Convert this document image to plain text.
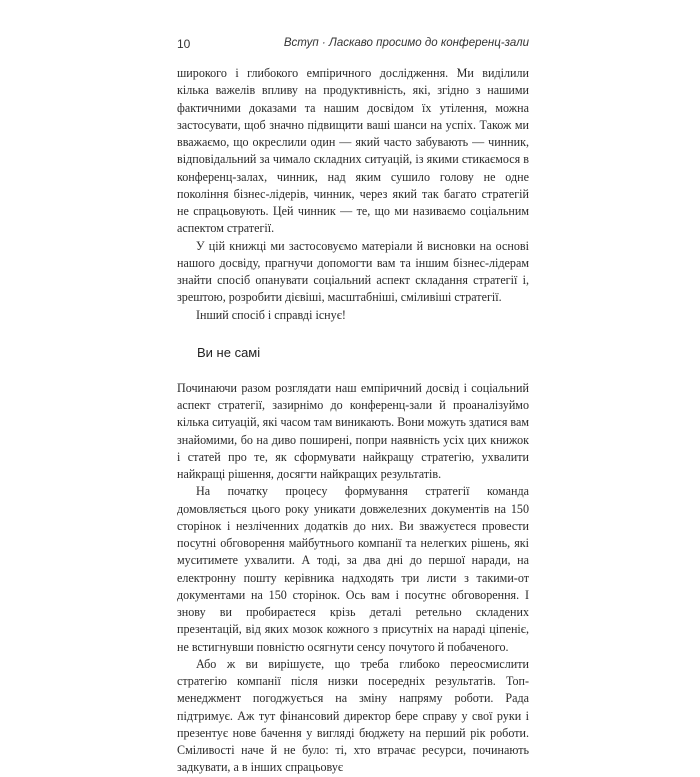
10	Вступ · Ласкаво просимо до конференц-зали

широкого і глибокого емпіричного дослідження. Ми виділили кілька важелів впливу на продуктивність, які, згідно з нашими фактичними доказами та нашим досвідом їх утілення, можна застосувати, щоб значно підвищити ваші шанси на успіх. Також ми вважаємо, що окреслили один — який часто забувають — чинник, відповідальний за чимало складних ситуацій, із якими стикаємося в конференц-залах, чинник, над яким сушило голову не одне покоління бізнес-лідерів, чинник, через який так багато стратегій не спрацьовують. Цей чинник — те, що ми називаємо соціальним аспектом стратегії.

У цій книжці ми застосовуємо матеріали й висновки на основі нашого досвіду, прагнучи допомогти вам та іншим бізнес-лідерам знайти спосіб опанувати соціальний аспект складання стратегії і, зрештою, розробити дієвіші, масштабніші, сміливіші стратегії.

Інший спосіб і справді існує!

Ви не самі

Починаючи разом розглядати наш емпіричний досвід і соціальний аспект стратегії, зазирнімо до конференц-зали й проаналізуймо кількa ситуацій, які часом там виникають. Вони можуть здатися вам знайомими, бо на диво поширені, попри наявність усіх цих книжок і статей про те, як сформувати найкращу стратегію, ухвалити найкращі рішення, досягти найкращих результатів.

На початку процесу формування стратегії команда домовляється цього року уникати довжелезних документів на 150 сторінок і незліченних додатків до них. Ви зважуєтеся провести посутні обговорення майбутнього компанії та нелегких рішень, які муситимете ухвалити. А тоді, за два дні до першої наради, на електронну пошту керівника надходять три листи з такими-от документами на 150 сторінок. Ось вам і посутнє обговорення. І знову ви пробираєтеся крізь деталі ретельно складених презентацій, від яких мозок кожного з присутніх на нараді ціпеніє, не встигнувши повністю осягнути сенсу почутого й побаченого.

Або ж ви вирішуєте, що треба глибоко переосмислити стратегію компанії після низки посередніх результатів. Топ-менеджмент погоджується на зміну напряму роботи. Рада підтримує. Аж тут фінансовий директор бере справу у свої руки і презентує нове бачення у вигляді бюджету на перший рік роботи. Сміливості наче й не було: ті, хто втрачає ресурси, починають задкувати, а в інших спрацьовує
